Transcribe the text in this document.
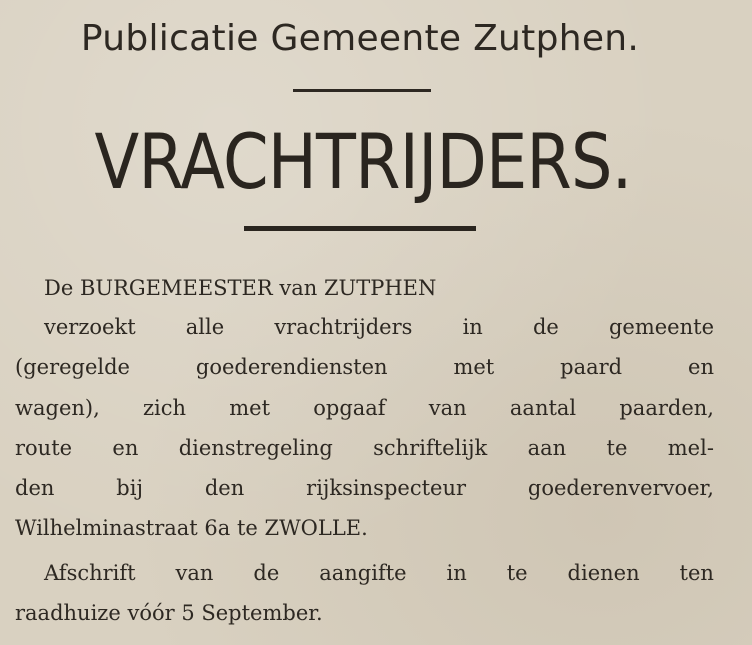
Publicatie Gemeente Zutphen.
VRACHTRIJDERS.
De BURGEMEESTER van ZUTPHEN
verzoekt alle vrachtrijders in de gemeente
(geregelde	goederendiensten	met	paard	en
wagen), zich met opgaaf van aantal paarden,
route en dienstregeling schriftelijk aan te mel-
den	bij	den	rijksinspecteur	goederenvervoer,
Wilhelminastraat 6a te ZWOLLE.
Afschrift van de aangifte in te dienen ten
raadhuize vóór 5 September.
